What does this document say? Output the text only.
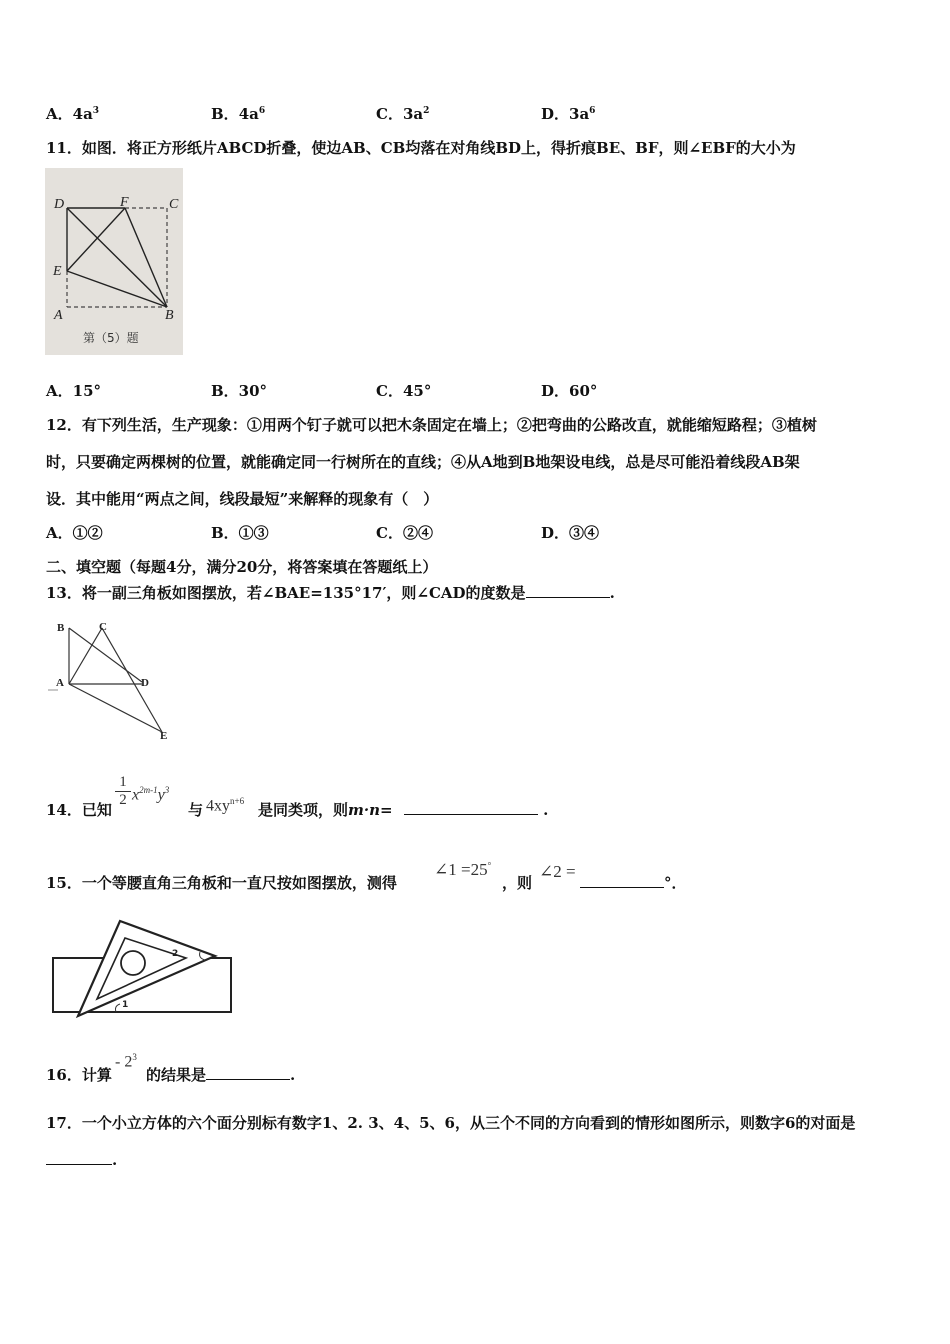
A．$4a^3$	B．$4a^6$	C．$3a^2$	D．$3a^6$
11．如图．将正方形纸片ABCD折叠，使边AB、CB均落在对角线BD上，得折痕BE、BF，则∠EBF的大小为
D	F	C
E
A	B
第（5）题
A．15°	B．30°	C．45°	D．60°
12．有下列生活，生产现象：①用两个钉子就可以把木条固定在墙上；②把弯曲的公路改直，就能缩短路程；③植树
时，只要确定两棵树的位置，就能确定同一行树所在的直线；④从A地到B地架设电线，总是尽可能沿着线段AB架
设．其中能用“两点之间，线段最短”来解释的现象有（　）
A．①②	B．①③	C．②④	D．③④
二、填空题（每题4分，满分20分，将答案填在答题纸上）
13．将一副三角板如图摆放，若∠BAE=135°17′，则∠CAD的度数是	.
B	C
A	D
E
14．已知
1
2 $x^{2m-1}y^3$
与 $4xy^{n+6}$ 是同类项，则m·n=	.
15．一个等腰直角三角板和一直尺按如图摆放，测得
∠1 =25°
，则
∠2 =
°．
2
1
16．计算
- $2^3$
的结果是	.
17．一个小立方体的六个面分别标有数字1、2. 3、4、5、6，从三个不同的方向看到的情形如图所示，则数字6的对面是
.
